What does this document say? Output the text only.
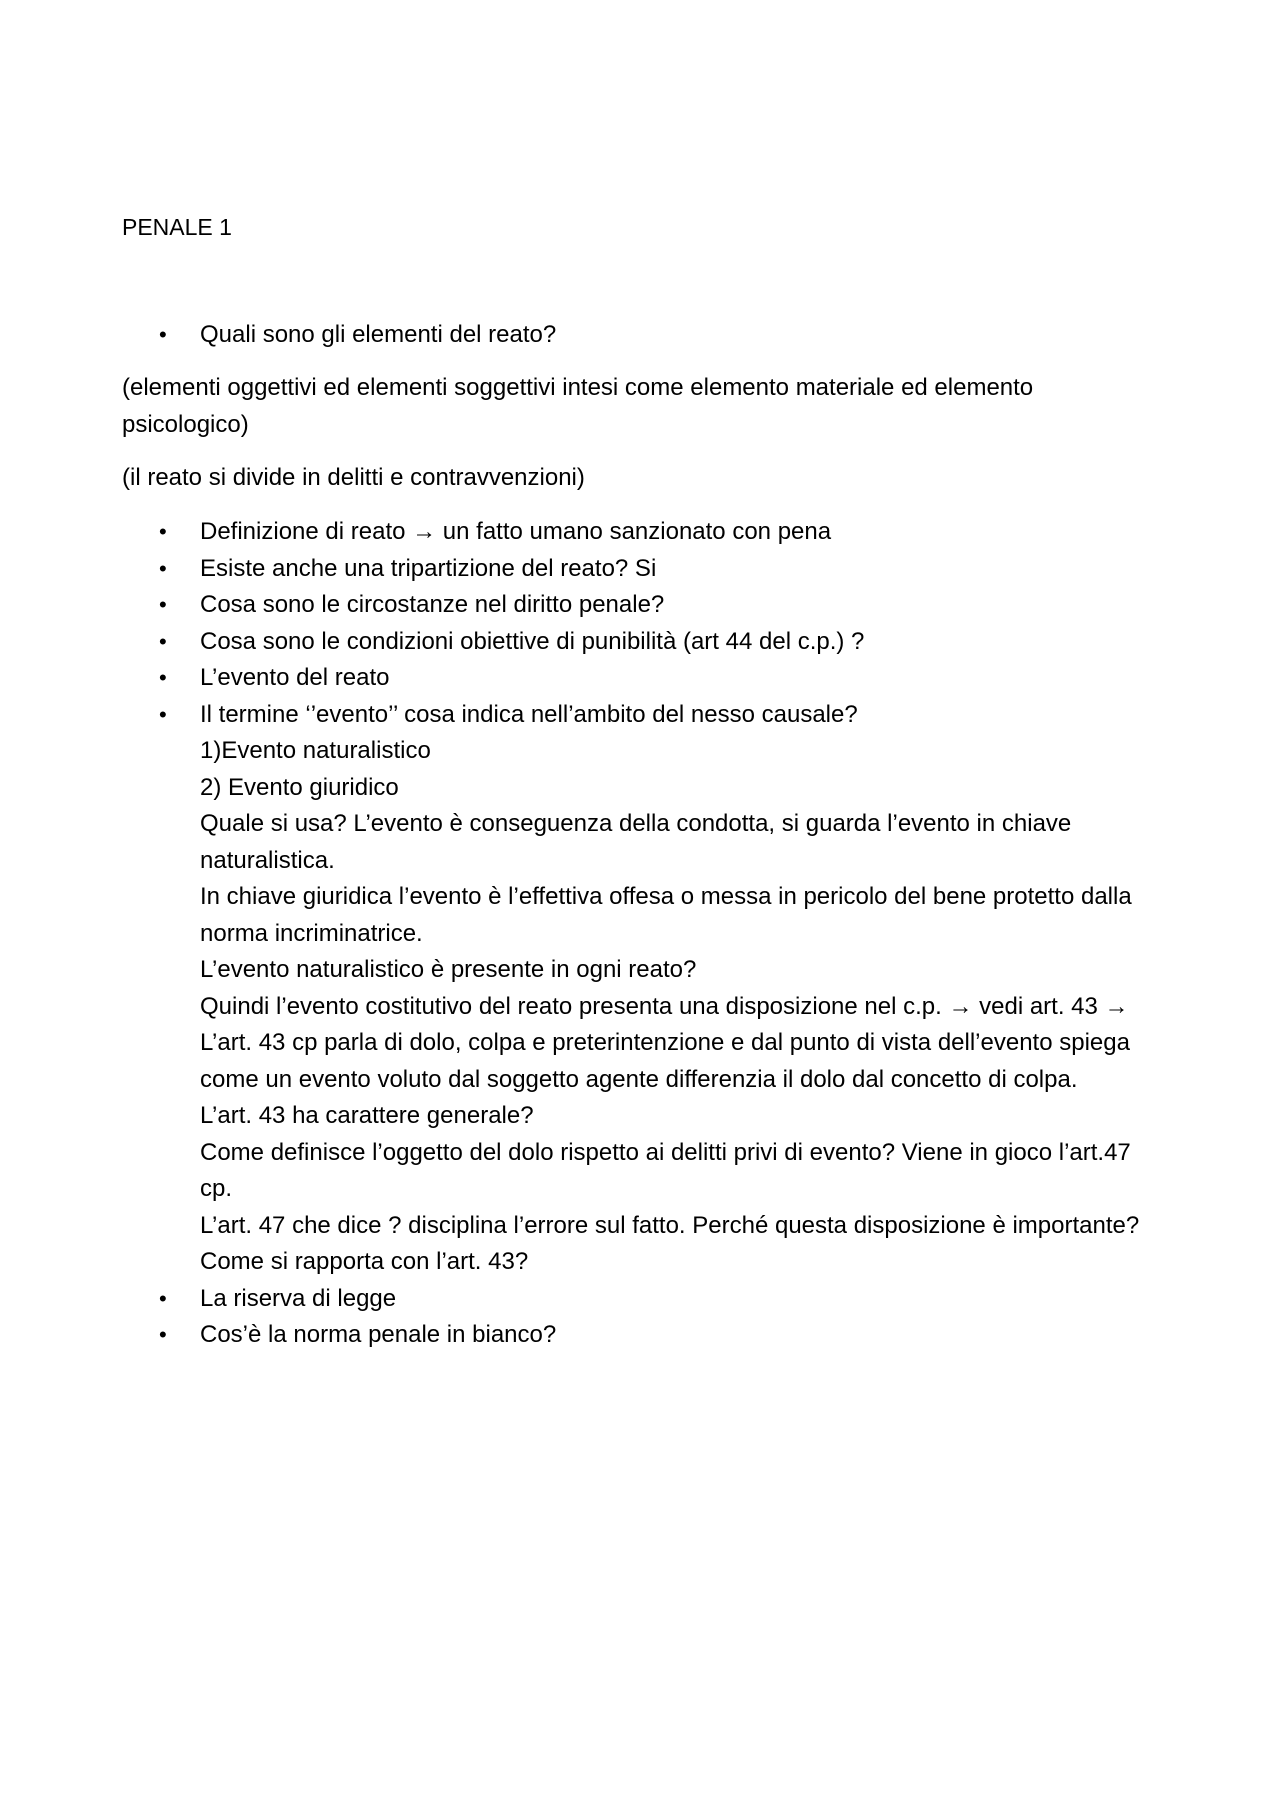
PENALE 1
• Quali sono gli elementi del reato?

(elementi oggettivi ed elementi soggettivi intesi come elemento materiale ed elemento psicologico)

(il reato si divide in delitti e contravvenzioni)

• Definizione di reato → un fatto umano sanzionato con pena
• Esiste anche una tripartizione del reato? Si
• Cosa sono le circostanze nel diritto penale?
• Cosa sono le condizioni obiettive di punibilità (art 44 del c.p.) ?
• L’evento del reato
• Il termine ‘’evento’’ cosa indica nell’ambito del nesso causale?
1)Evento naturalistico
2) Evento giuridico
Quale si usa? L’evento è conseguenza della condotta, si guarda l’evento in chiave naturalistica.
In chiave giuridica l’evento è l’effettiva offesa o messa in pericolo del bene protetto dalla norma incriminatrice.
L’evento naturalistico è presente in ogni reato?
Quindi l’evento costitutivo del reato presenta una disposizione nel c.p. → vedi art. 43 → L’art. 43 cp parla di dolo, colpa e preterintenzione e dal punto di vista dell’evento spiega come un evento voluto dal soggetto agente differenzia il dolo dal concetto di colpa.
L’art. 43 ha carattere generale?
Come definisce l’oggetto del dolo rispetto ai delitti privi di evento? Viene in gioco l’art.47 cp.
L’art. 47 che dice ? disciplina l’errore sul fatto. Perché questa disposizione è importante? Come si rapporta con l’art. 43?
• La riserva di legge
• Cos’è la norma penale in bianco?
